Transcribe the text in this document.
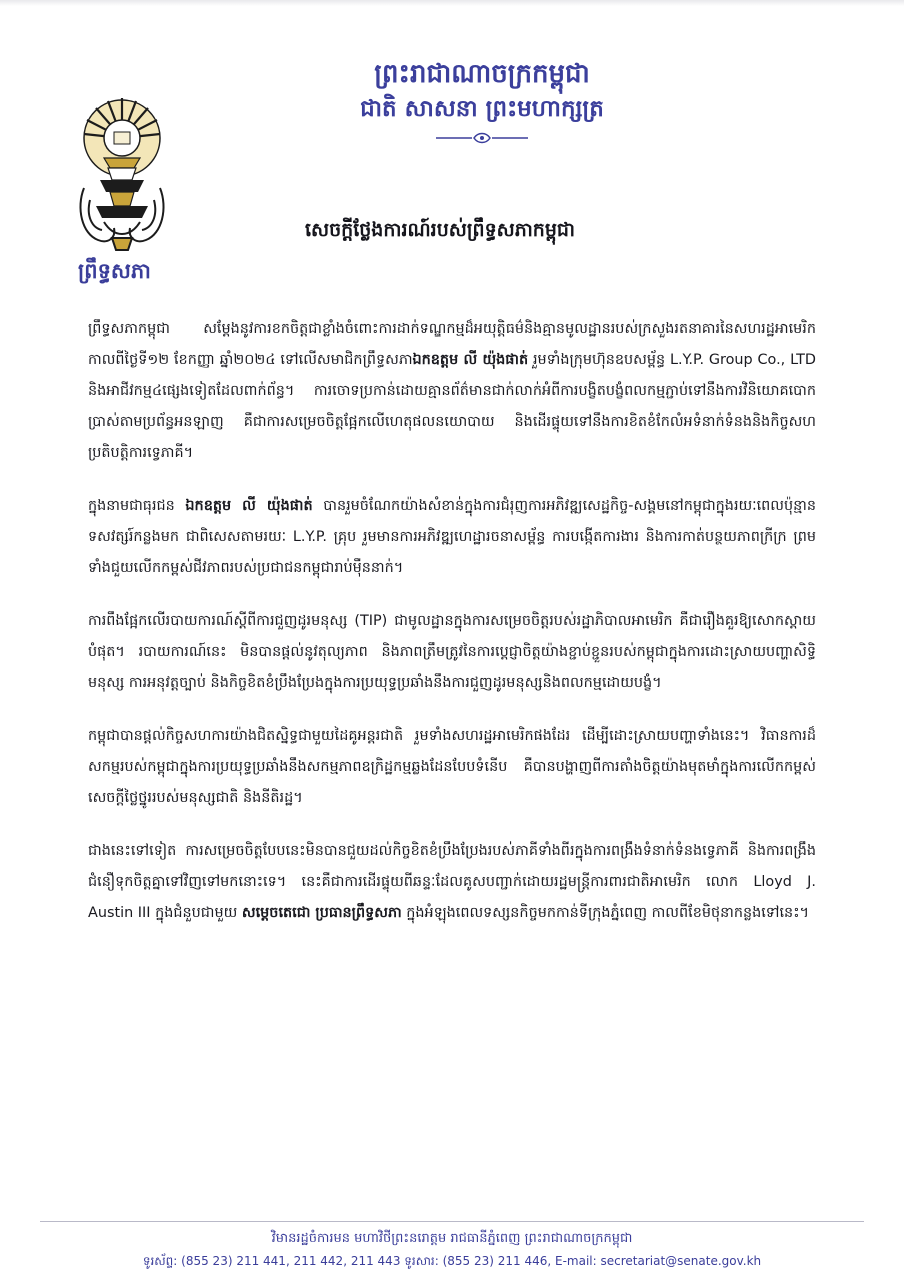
ព្រឹទ្ធសភា
ព្រះរាជាណាចក្រកម្ពុជា
ជាតិ សាសនា ព្រះមហាក្សត្រ
សេចក្តីថ្លែងការណ៍របស់ព្រឹទ្ធសភាកម្ពុជា

ព្រឹទ្ធសភាកម្ពុជា សម្តែងនូវការខកចិត្តជាខ្លាំងចំពោះការដាក់ទណ្ឌកម្មដ៏អយុត្តិធម៌និងគ្មានមូលដ្ឋានរបស់ក្រសួងរតនាគារនៃសហរដ្ឋអាមេរិក កាលពីថ្ងៃទី១២ ខែកញ្ញា ឆ្នាំ២០២៤ ទៅលើសមាជិកព្រឹទ្ធសភាឯកឧត្តម លី យ៉ុងផាត់ រួមទាំងក្រុមហ៊ុនឧបសម្ព័ន្ធ L.Y.P. Group Co., LTD និងអាជីវកម្ម៤ផ្សេងទៀតដែលពាក់ព័ន្ធ។ ការចោទប្រកាន់ដោយគ្មានព័ត៌មានជាក់លាក់អំពីការបង្ខិតបង្ខំពលកម្មភ្ជាប់ទៅនឹងការវិនិយោគបោកប្រាស់តាមប្រព័ន្ធអនឡាញ គឺជាការសម្រេចចិត្តផ្អែកលើហេតុផលនយោបាយ និងដើរផ្ទុយទៅនឹងការខិតខំកែលំអទំនាក់ទំនងនិងកិច្ចសហប្រតិបត្តិការទ្វេភាគី។

ក្នុងនាមជាធុរជន ឯកឧត្តម លី យ៉ុងផាត់ បានរួមចំណែកយ៉ាងសំខាន់ក្នុងការជំរុញការអភិវឌ្ឍសេដ្ឋកិច្ច-សង្គមនៅកម្ពុជាក្នុងរយៈពេលប៉ុន្មានទសវត្សរ៍កន្លងមក ជាពិសេសតាមរយៈ L.Y.P. គ្រុប រួមមានការអភិវឌ្ឍហេដ្ឋារចនាសម្ព័ន្ធ ការបង្កើតការងារ និងការកាត់បន្ថយភាពក្រីក្រ ព្រមទាំងជួយលើកកម្ពស់ជីវភាពរបស់ប្រជាជនកម្ពុជារាប់ម៉ឺននាក់។

ការពឹងផ្អែកលើរបាយការណ៍ស្តីពីការជួញដូរមនុស្ស (TIP) ជាមូលដ្ឋានក្នុងការសម្រេចចិត្តរបស់រដ្ឋាភិបាលអាមេរិក គឺជារឿងគួរឱ្យសោកស្តាយបំផុត។ របាយការណ៍នេះ មិនបានផ្តល់នូវតុល្យភាព និងភាពត្រឹមត្រូវនៃការប្តេជ្ញាចិត្តយ៉ាងខ្ជាប់ខ្ជួនរបស់កម្ពុជាក្នុងការដោះស្រាយបញ្ហាសិទ្ធិមនុស្ស ការអនុវត្តច្បាប់ និងកិច្ចខិតខំប្រឹងប្រែងក្នុងការប្រយុទ្ធប្រឆាំងនឹងការជួញដូរមនុស្សនិងពលកម្មដោយបង្ខំ។

កម្ពុជាបានផ្តល់កិច្ចសហការយ៉ាងជិតស្និទ្ធជាមួយដៃគូអន្តរជាតិ រួមទាំងសហរដ្ឋអាមេរិកផងដែរ ដើម្បីដោះស្រាយបញ្ហាទាំងនេះ។ វិធានការដ៏សកម្មរបស់កម្ពុជាក្នុងការប្រយុទ្ធប្រឆាំងនឹងសកម្មភាពឧក្រិដ្ឋកម្មឆ្លងដែនបែបទំនើប គឺបានបង្ហាញពីការតាំងចិត្តយ៉ាងមុតមាំក្នុងការលើកកម្ពស់សេចក្តីថ្លៃថ្នូររបស់មនុស្សជាតិ និងនីតិរដ្ឋ។

ជាងនេះទៅទៀត ការសម្រេចចិត្តបែបនេះមិនបានជួយដល់កិច្ចខិតខំប្រឹងប្រែងរបស់ភាគីទាំងពីរក្នុងការពង្រឹងទំនាក់ទំនងទ្វេភាគី និងការពង្រឹងជំនឿទុកចិត្តគ្នាទៅវិញទៅមកនោះទេ។ នេះគឺជាការដើរផ្ទុយពីឆន្ទៈដែលគូសបញ្ជាក់ដោយរដ្ឋមន្ត្រីការពារជាតិអាមេរិក លោក Lloyd J. Austin III ក្នុងជំនួបជាមួយ សម្តេចតេជោ ប្រធានព្រឹទ្ធសភា ក្នុងអំឡុងពេលទស្សនកិច្ចមកកាន់ទីក្រុងភ្នំពេញ កាលពីខែមិថុនាកន្លងទៅនេះ។

វិមានរដ្ឋចំការមន មហាវិថីព្រះនរោត្តម រាជធានីភ្នំពេញ ព្រះរាជាណាចក្រកម្ពុជា
ទូរស័ព្ទ: (855 23) 211 441, 211 442, 211 443 ទូរសារ: (855 23) 211 446, E-mail: secretariat@senate.gov.kh
